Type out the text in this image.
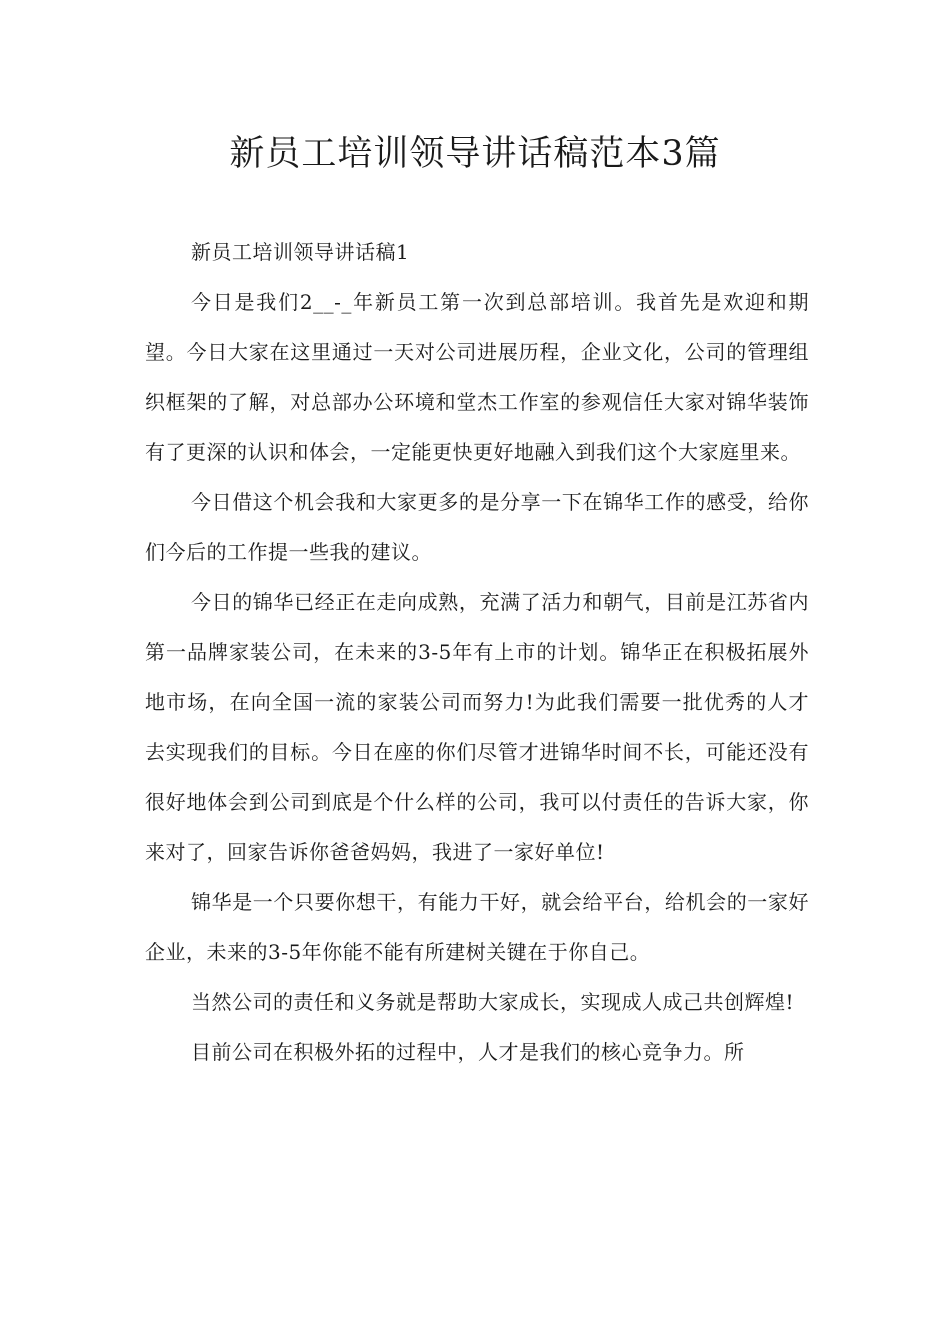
新员工培训领导讲话稿范本3篇

新员工培训领导讲话稿1

今日是我们2__-_年新员工第一次到总部培训。我首先是欢迎和期望。今日大家在这里通过一天对公司进展历程，企业文化，公司的管理组织框架的了解，对总部办公环境和堂杰工作室的参观信任大家对锦华装饰有了更深的认识和体会，一定能更快更好地融入到我们这个大家庭里来。

今日借这个机会我和大家更多的是分享一下在锦华工作的感受，给你们今后的工作提一些我的建议。

今日的锦华已经正在走向成熟，充满了活力和朝气，目前是江苏省内第一品牌家装公司，在未来的3-5年有上市的计划。锦华正在积极拓展外地市场，在向全国一流的家装公司而努力!为此我们需要一批优秀的人才去实现我们的目标。今日在座的你们尽管才进锦华时间不长，可能还没有很好地体会到公司到底是个什么样的公司，我可以付责任的告诉大家，你来对了，回家告诉你爸爸妈妈，我进了一家好单位!

锦华是一个只要你想干，有能力干好，就会给平台，给机会的一家好企业，未来的3-5年你能不能有所建树关键在于你自己。

当然公司的责任和义务就是帮助大家成长，实现成人成己共创辉煌!

目前公司在积极外拓的过程中，人才是我们的核心竞争力。所
